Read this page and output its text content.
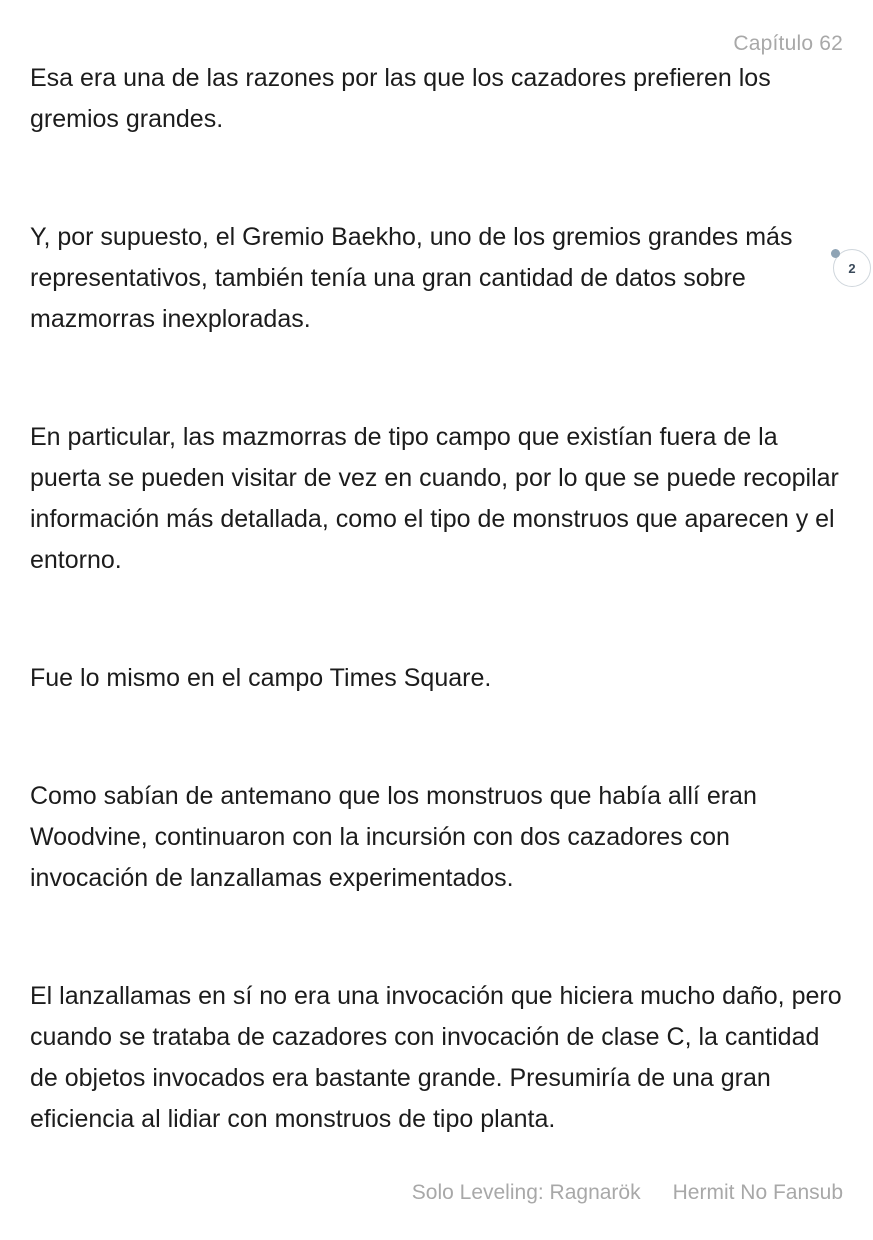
Capítulo 62

Esa era una de las razones por las que los cazadores prefieren los gremios grandes.

Y, por supuesto, el Gremio Baekho, uno de los gremios grandes más representativos, también tenía una gran cantidad de datos sobre mazmorras inexploradas.

En particular, las mazmorras de tipo campo que existían fuera de la puerta se pueden visitar de vez en cuando, por lo que se puede recopilar información más detallada, como el tipo de monstruos que aparecen y el entorno.

Fue lo mismo en el campo Times Square.

Como sabían de antemano que los monstruos que había allí eran Woodvine, continuaron con la incursión con dos cazadores con invocación de lanzallamas experimentados.

El lanzallamas en sí no era una invocación que hiciera mucho daño, pero cuando se trataba de cazadores con invocación de clase C, la cantidad de objetos invocados era bastante grande. Presumiría de una gran eficiencia al lidiar con monstruos de tipo planta.

2
Solo Leveling: Ragnarök Hermit No Fansub
